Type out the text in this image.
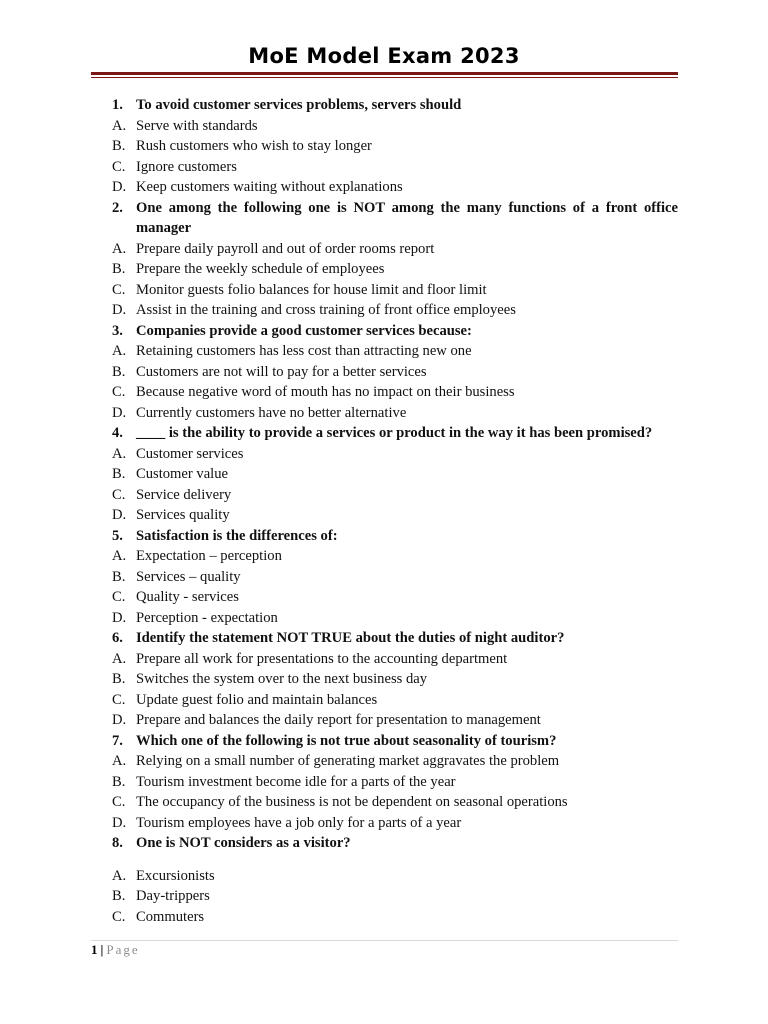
MoE Model Exam 2023
1. To avoid customer services problems, servers should
A. Serve with standards
B. Rush customers who wish to stay longer
C. Ignore customers
D. Keep customers waiting without explanations
2. One among the following one is NOT among the many functions of a front office manager
A. Prepare daily payroll and out of order rooms report
B. Prepare the weekly schedule of employees
C. Monitor guests folio balances for house limit and floor limit
D. Assist in the training and cross training of front office employees
3. Companies provide a good customer services because:
A. Retaining customers has less cost than attracting new one
B. Customers are not will to pay for a better services
C. Because negative word of mouth has no impact on their business
D. Currently customers have no better alternative
4. ____ is the ability to provide a services or product in the way it has been promised?
A. Customer services
B. Customer value
C. Service delivery
D. Services quality
5. Satisfaction is the differences of:
A. Expectation – perception
B. Services – quality
C. Quality - services
D. Perception - expectation
6. Identify the statement NOT TRUE about the duties of night auditor?
A. Prepare all work for presentations to the accounting department
B. Switches the system over to the next business day
C. Update guest folio and maintain balances
D. Prepare and balances the daily report for presentation to management
7. Which one of the following is not true about seasonality of tourism?
A. Relying on a small number of generating market aggravates the problem
B. Tourism investment become idle for a parts of the year
C. The occupancy of the business is not be dependent on seasonal operations
D. Tourism employees have a job only for a parts of a year
8. One is NOT considers as a visitor?
A. Excursionists
B. Day-trippers
C. Commuters
1 | Page
